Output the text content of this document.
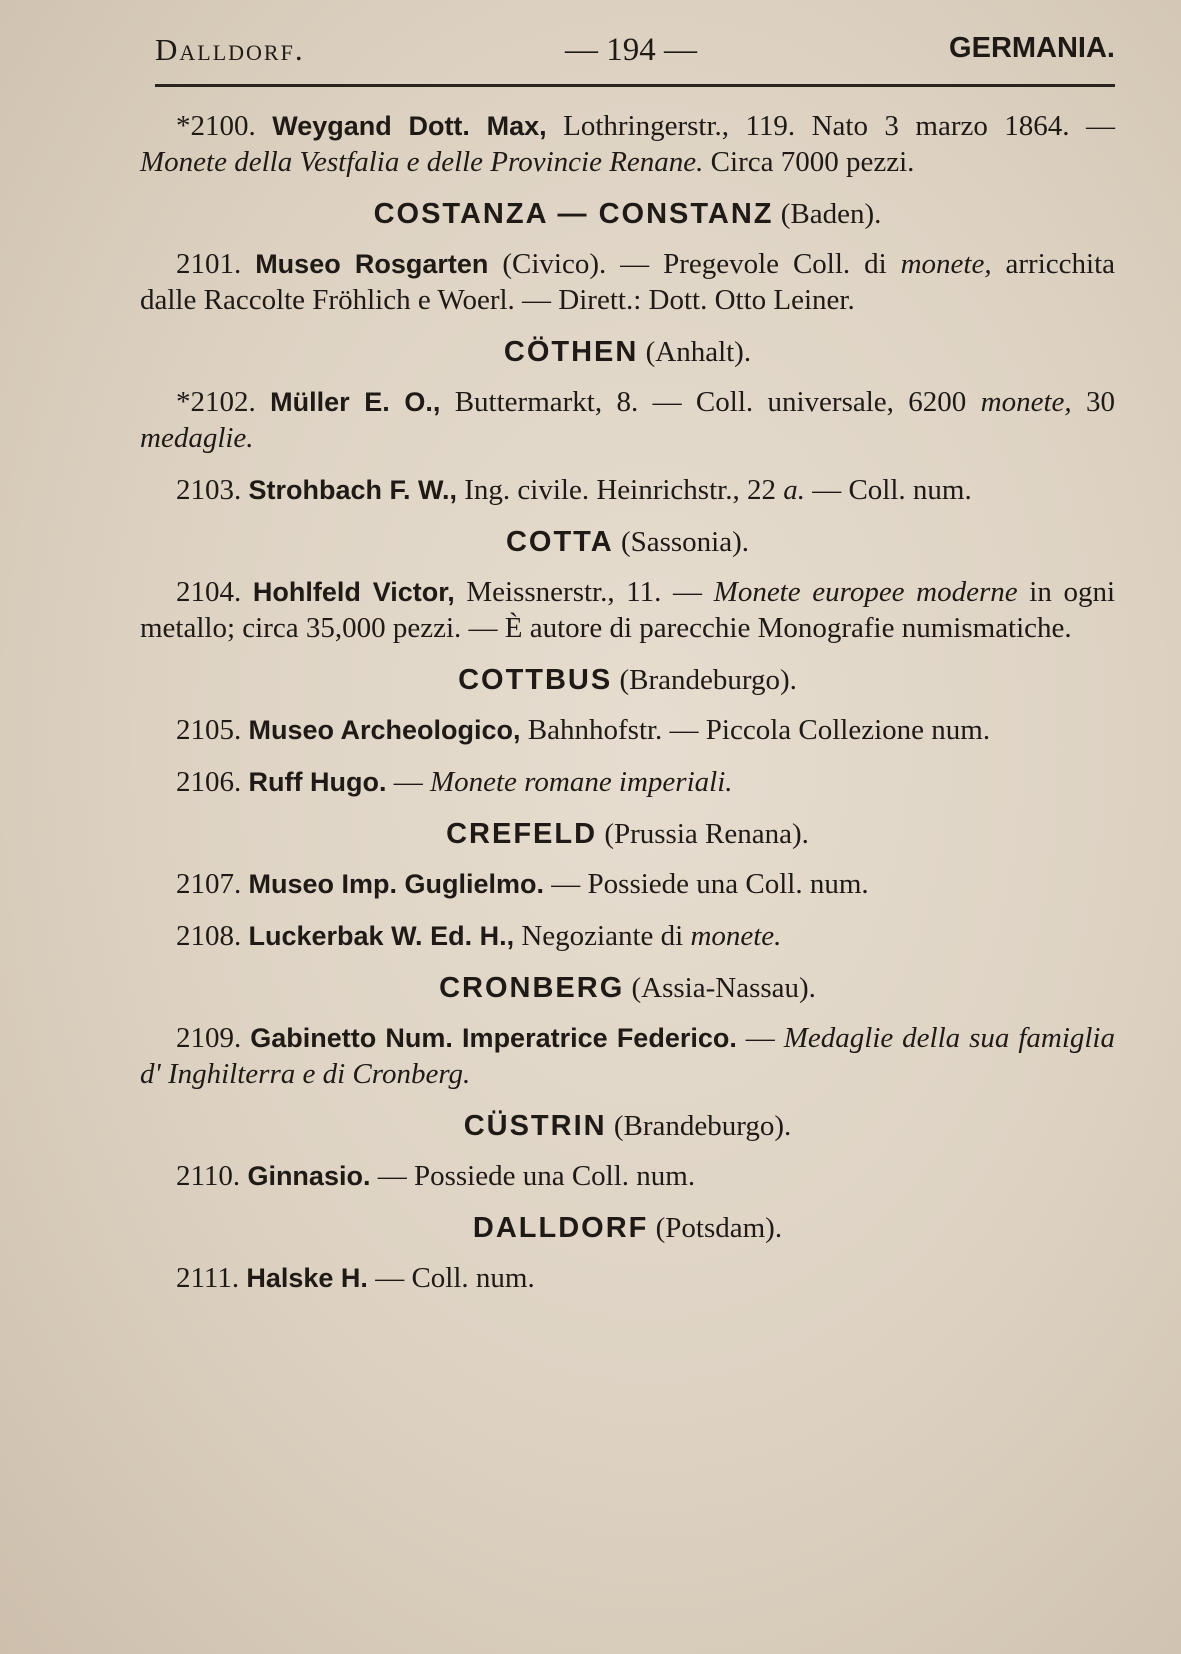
Dalldorf.	— 194 —	GERMANIA.

*2100. Weygand Dott. Max, Lothringerstr., 119. Nato 3 marzo 1864. — Monete della Vestfalia e delle Provincie Renane. Circa 7000 pezzi.

COSTANZA — CONSTANZ (Baden).

2101. Museo Rosgarten (Civico). — Pregevole Coll. di monete, arricchita dalle Raccolte Fröhlich e Woerl. — Dirett.: Dott. Otto Leiner.

CÖTHEN (Anhalt).

*2102. Müller E. O., Buttermarkt, 8. — Coll. universale, 6200 monete, 30 medaglie.

2103. Strohbach F. W., Ing. civile. Heinrichstr., 22 a. — Coll. num.

COTTA (Sassonia).

2104. Hohlfeld Victor, Meissnerstr., 11. — Monete europee moderne in ogni metallo; circa 35,000 pezzi. — È autore di parecchie Monografie numismatiche.

COTTBUS (Brandeburgo).

2105. Museo Archeologico, Bahnhofstr. — Piccola Collezione num.

2106. Ruff Hugo. — Monete romane imperiali.

CREFELD (Prussia Renana).

2107. Museo Imp. Guglielmo. — Possiede una Coll. num.

2108. Luckerbak W. Ed. H., Negoziante di monete.

CRONBERG (Assia-Nassau).

2109. Gabinetto Num. Imperatrice Federico. — Medaglie della sua famiglia d' Inghilterra e di Cronberg.

CÜSTRIN (Brandeburgo).

2110. Ginnasio. — Possiede una Coll. num.

DALLDORF (Potsdam).

2111. Halske H. — Coll. num.
